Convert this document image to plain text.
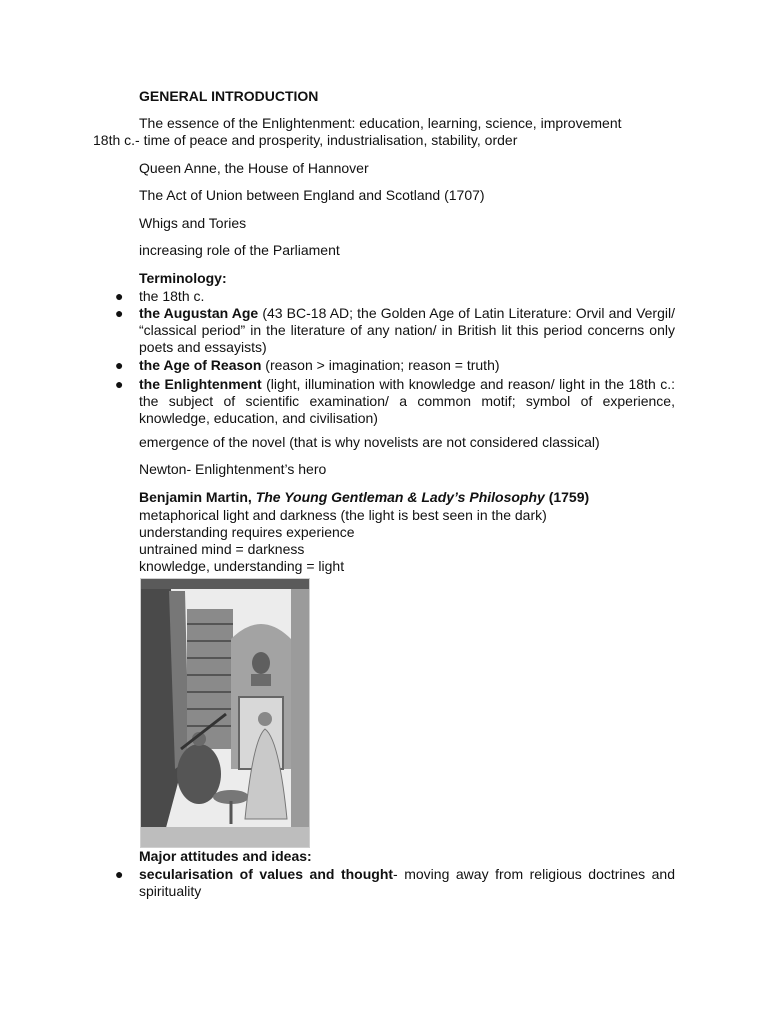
GENERAL INTRODUCTION

The essence of the Enlightenment: education, learning, science, improvement

18th c.- time of peace and prosperity, industrialisation, stability, order

Queen Anne, the House of Hannover

The Act of Union between England and Scotland (1707)

Whigs and Tories

increasing role of the Parliament

Terminology:

● the 18th c.

● the Augustan Age (43 BC-18 AD; the Golden Age of Latin Literature: Orvil and Vergil/ “classical period” in the literature of any nation/ in British lit this period concerns only poets and essayists)

● the Age of Reason (reason > imagination; reason = truth)

● the Enlightenment (light, illumination with knowledge and reason/ light in the 18th c.: the subject of scientific examination/ a common motif; symbol of experience, knowledge, education, and civilisation)

emergence of the novel (that is why novelists are not considered classical)

Newton- Enlightenment’s hero

Benjamin Martin, The Young Gentleman & Lady’s Philosophy (1759)

metaphorical light and darkness (the light is best seen in the dark)
understanding requires experience
untrained mind = darkness
knowledge, understanding = light

Major attitudes and ideas:

● secularisation of values and thought- moving away from religious doctrines and spirituality
